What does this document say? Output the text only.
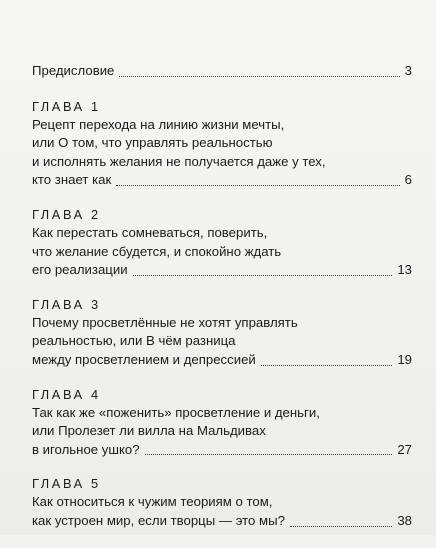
Предисловие	3
ГЛАВА 1
Рецепт перехода на линию жизни мечты,
или О том, что управлять реальностью
и исполнять желания не получается даже у тех,
кто знает как	6
ГЛАВА 2
Как перестать сомневаться, поверить,
что желание сбудется, и спокойно ждать
его реализации	13
ГЛАВА 3
Почему просветлённые не хотят управлять
реальностью, или В чём разница
между просветлением и депрессией	19
ГЛАВА 4
Так как же «поженить» просветление и деньги,
или Пролезет ли вилла на Мальдивах
в игольное ушко?	27
ГЛАВА 5
Как относиться к чужим теориям о том,
как устроен мир, если творцы — это мы?	38
